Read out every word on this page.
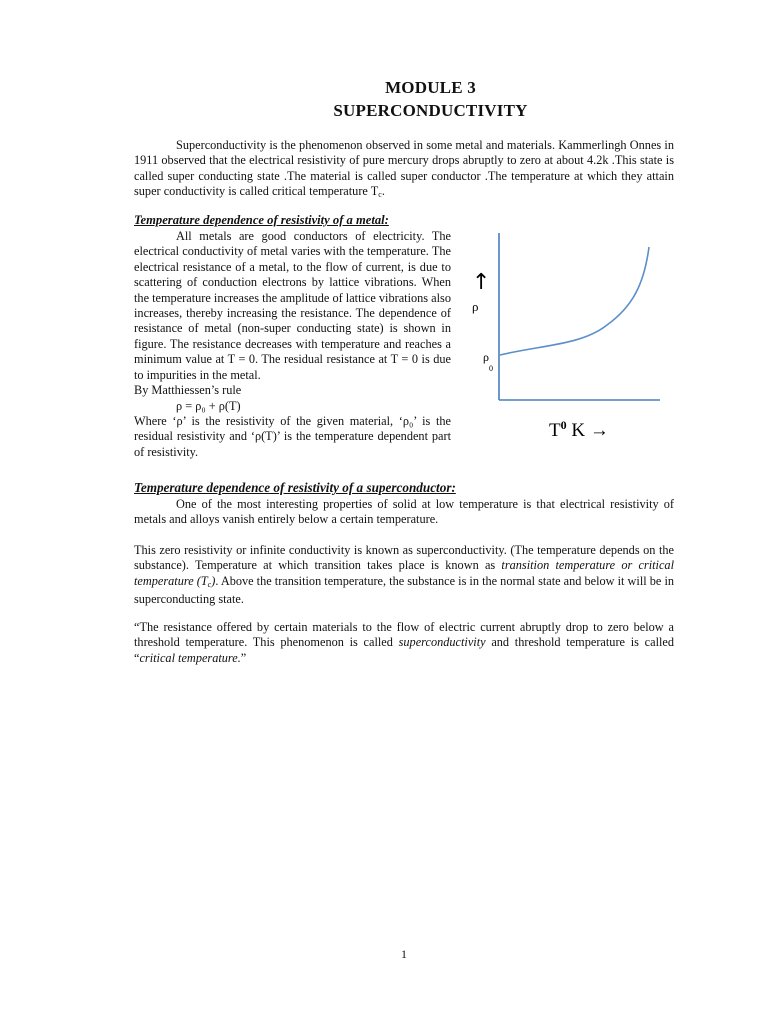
MODULE 3
SUPERCONDUCTIVITY
Superconductivity is the phenomenon observed in some metal and materials. Kammerlingh Onnes in 1911 observed that the electrical resistivity of pure mercury drops abruptly to zero at about 4.2k .This state is called super conducting state .The material is called super conductor .The temperature at which they attain super conductivity is called critical temperature $T_c$.
Temperature dependence of resistivity of a metal:
All metals are good conductors of electricity. The electrical conductivity of metal varies with the temperature. The electrical resistance of a metal, to the flow of current, is due to scattering of conduction electrons by lattice vibrations. When the temperature increases the amplitude of lattice vibrations also increases, thereby increasing the resistance. The dependence of resistance of metal (non-super conducting state) is shown in figure. The resistance decreases with temperature and reaches a minimum value at T = 0. The residual resistance at T = 0 is due to impurities in the metal.
By Matthiessen’s rule
ρ = ρ₀ + ρ(T)
Where ‘ρ’ is the resistivity of the given material, ‘ρ₀’ is the residual resistivity and ‘ρ(T)’ is the temperature dependent part of resistivity.
↑
ρ
ρ
0
$T^0$ K →
Temperature dependence of resistivity of a superconductor:
One of the most interesting properties of solid at low temperature is that electrical resistivity of metals and alloys vanish entirely below a certain temperature.
This zero resistivity or infinite conductivity is known as superconductivity. (The temperature depends on the substance). Temperature at which transition takes place is known as transition temperature or critical temperature $(T_c)$. Above the transition temperature, the substance is in the normal state and below it will be in superconducting state.
“The resistance offered by certain materials to the flow of electric current abruptly drop to zero below a threshold temperature. This phenomenon is called superconductivity and threshold temperature is called “critical temperature.”
1
